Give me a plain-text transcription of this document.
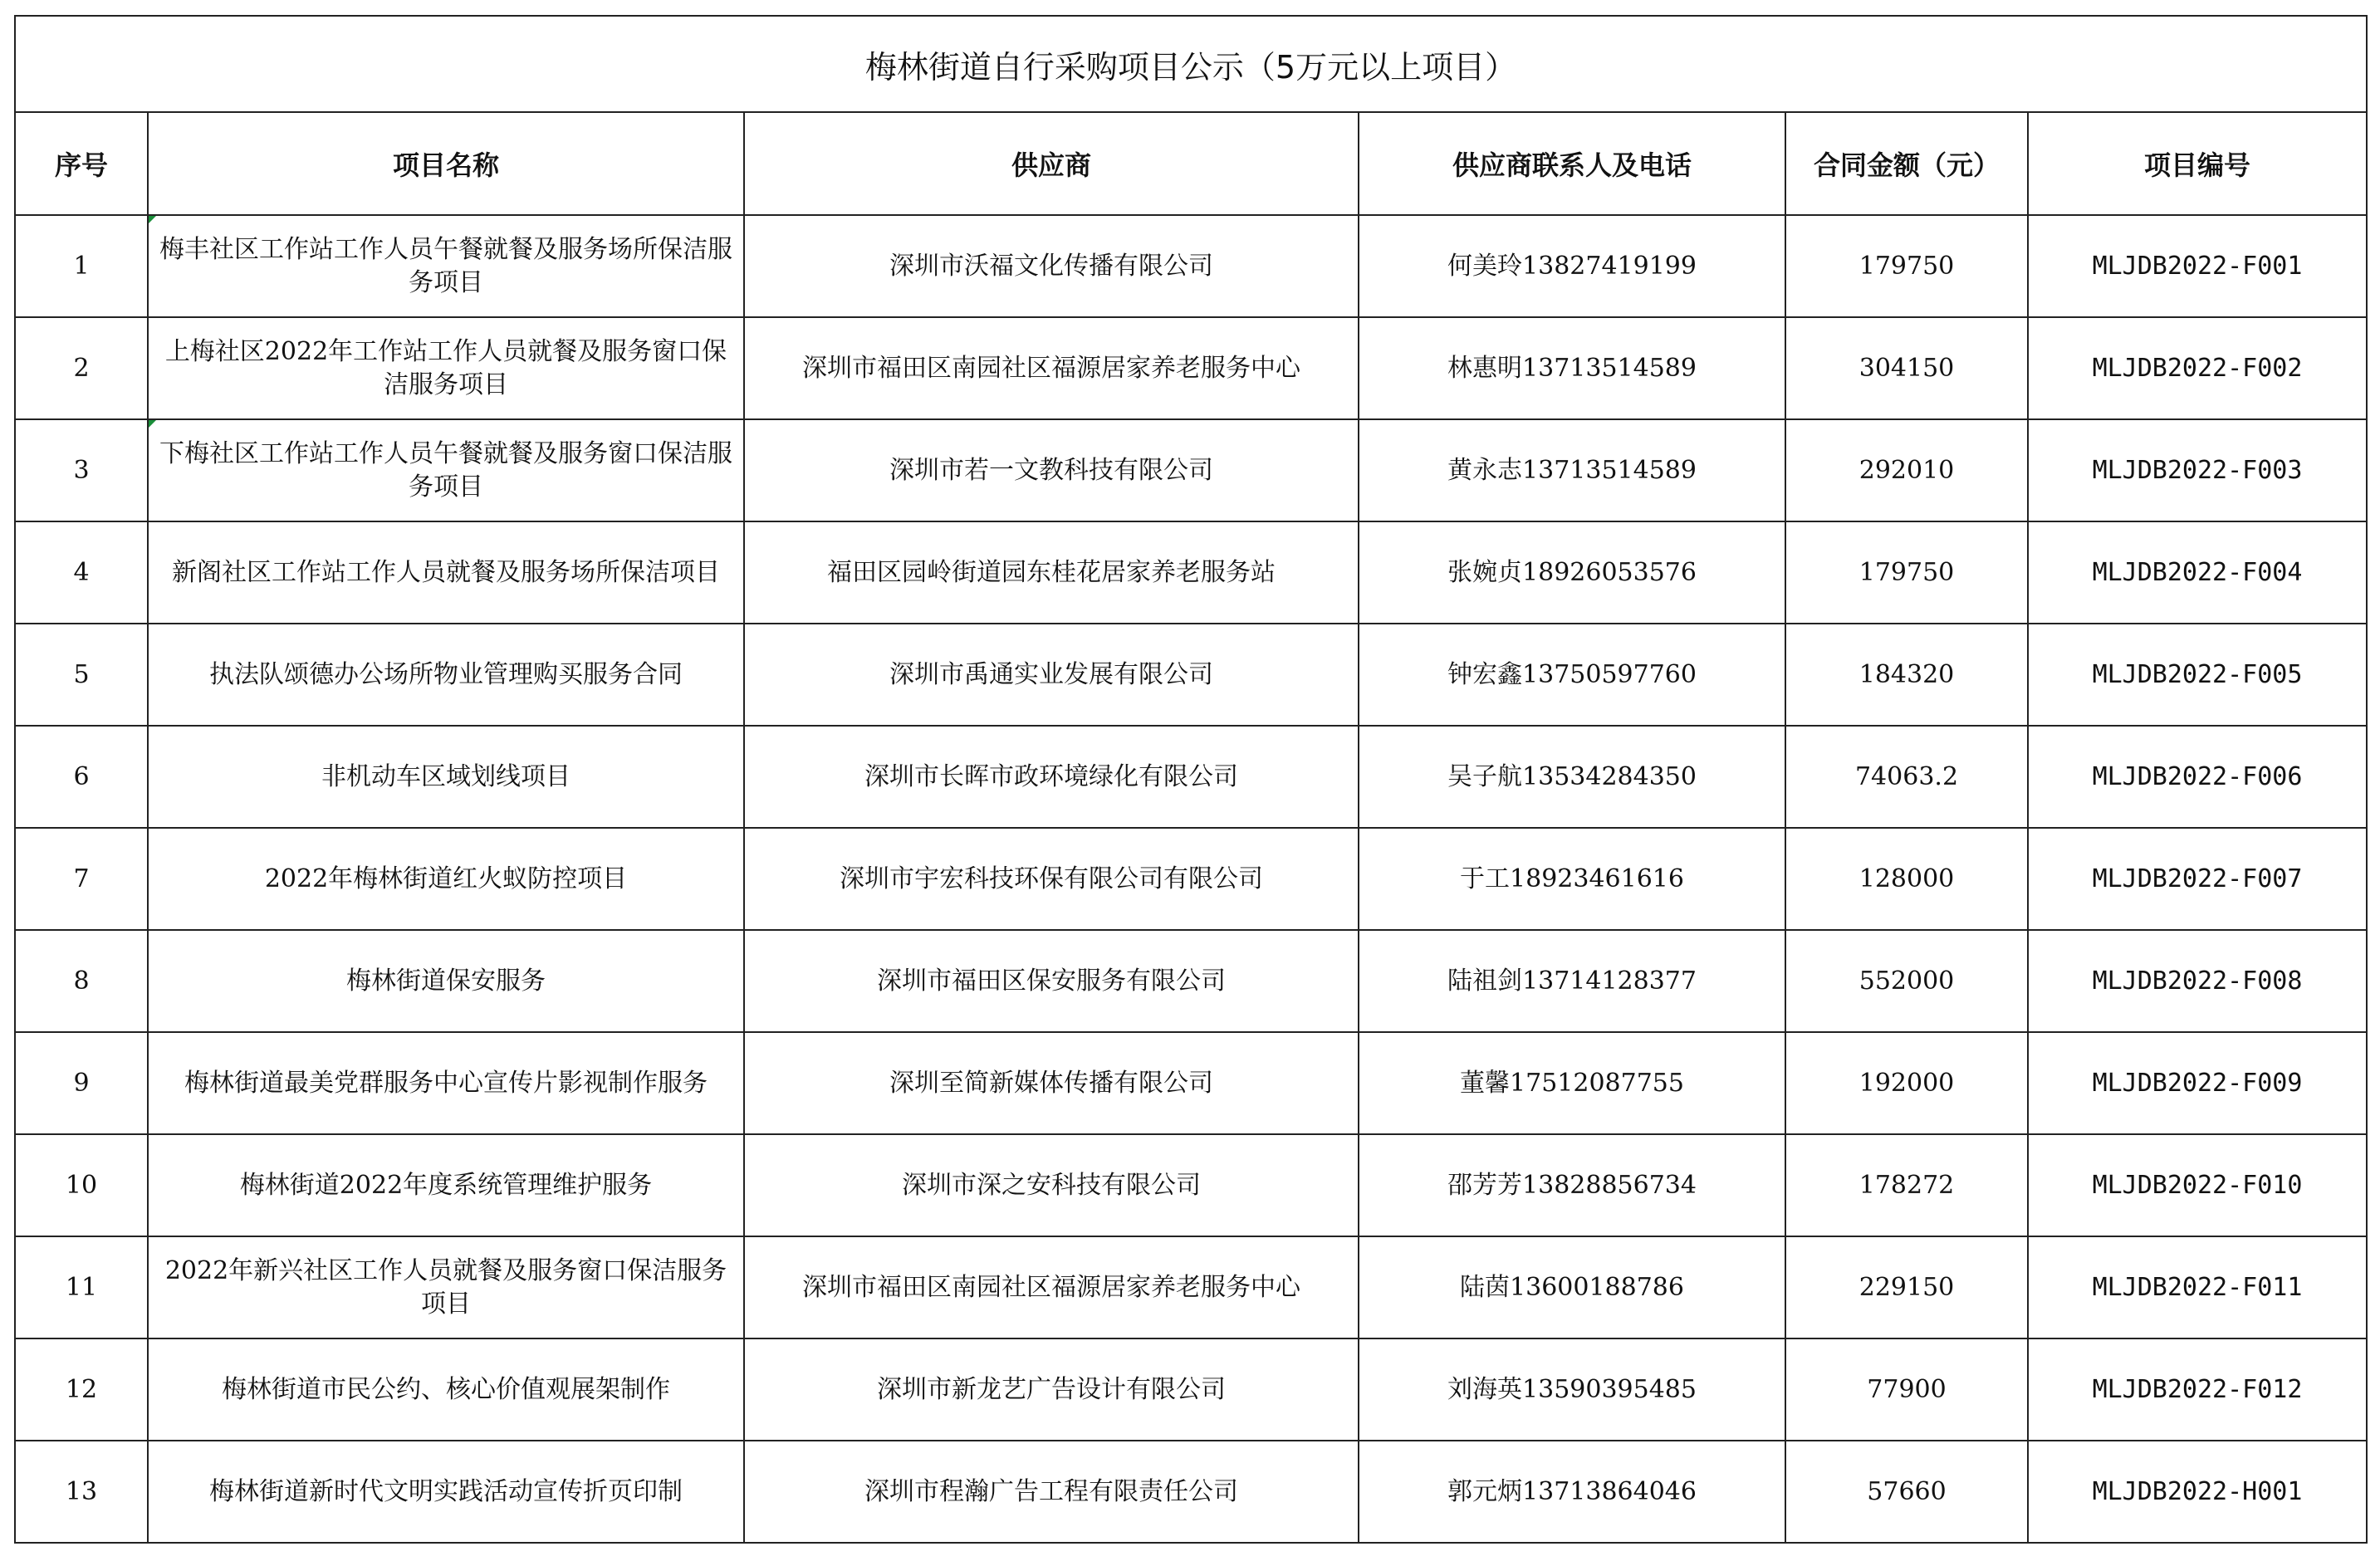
梅林街道自行采购项目公示（5万元以上项目）					
序号	项目名称	供应商	供应商联系人及电话	合同金额（元）	项目编号
1	梅丰社区工作站工作人员午餐就餐及服务场所保洁服务项目	深圳市沃福文化传播有限公司	何美玲13827419199	179750	MLJDB2022-F001
2	上梅社区2022年工作站工作人员就餐及服务窗口保洁服务项目	深圳市福田区南园社区福源居家养老服务中心	林惠明13713514589	304150	MLJDB2022-F002
3	下梅社区工作站工作人员午餐就餐及服务窗口保洁服务项目	深圳市若一文教科技有限公司	黄永志13713514589	292010	MLJDB2022-F003
4	新阁社区工作站工作人员就餐及服务场所保洁项目	福田区园岭街道园东桂花居家养老服务站	张婉贞18926053576	179750	MLJDB2022-F004
5	执法队颂德办公场所物业管理购买服务合同	深圳市禹通实业发展有限公司	钟宏鑫13750597760	184320	MLJDB2022-F005
6	非机动车区域划线项目	深圳市长晖市政环境绿化有限公司	吴子航13534284350	74063.2	MLJDB2022-F006
7	2022年梅林街道红火蚁防控项目	深圳市宇宏科技环保有限公司有限公司	于工18923461616	128000	MLJDB2022-F007
8	梅林街道保安服务	深圳市福田区保安服务有限公司	陆祖剑13714128377	552000	MLJDB2022-F008
9	梅林街道最美党群服务中心宣传片影视制作服务	深圳至简新媒体传播有限公司	董馨17512087755	192000	MLJDB2022-F009
10	梅林街道2022年度系统管理维护服务	深圳市深之安科技有限公司	邵芳芳13828856734	178272	MLJDB2022-F010
11	2022年新兴社区工作人员就餐及服务窗口保洁服务项目	深圳市福田区南园社区福源居家养老服务中心	陆茵13600188786	229150	MLJDB2022-F011
12	梅林街道市民公约、核心价值观展架制作	深圳市新龙艺广告设计有限公司	刘海英13590395485	77900	MLJDB2022-F012
13	梅林街道新时代文明实践活动宣传折页印制	深圳市程瀚广告工程有限责任公司	郭元炳13713864046	57660	MLJDB2022-H001
